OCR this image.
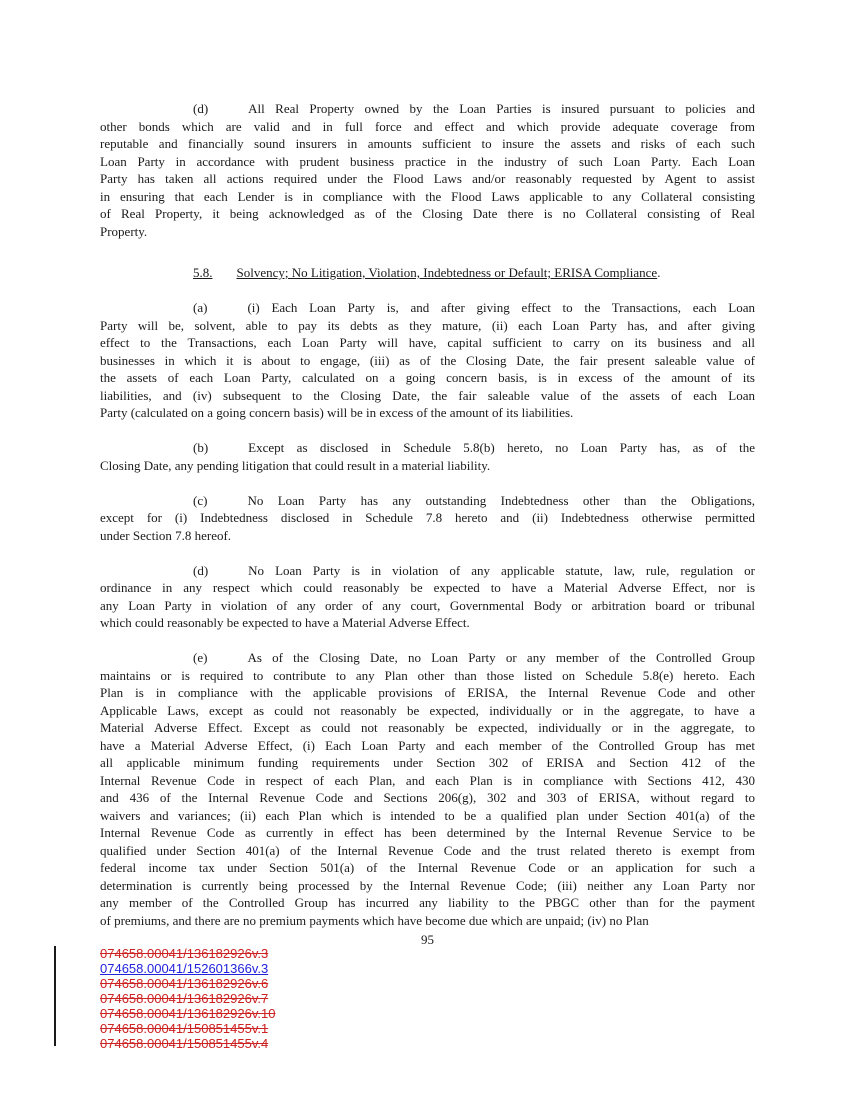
(d)	All Real Property owned by the Loan Parties is insured pursuant to policies and
other bonds which are valid and in full force and effect and which provide adequate coverage from
reputable and financially sound insurers in amounts sufficient to insure the assets and risks of each such
Loan Party in accordance with prudent business practice in the industry of such Loan Party. Each Loan
Party has taken all actions required under the Flood Laws and/or reasonably requested by Agent to assist
in ensuring that each Lender is in compliance with the Flood Laws applicable to any Collateral consisting
of Real Property, it being acknowledged as of the Closing Date there is no Collateral consisting of Real
Property.
5.8. Solvency; No Litigation, Violation, Indebtedness or Default; ERISA Compliance.
(a)	(i) Each Loan Party is, and after giving effect to the Transactions, each Loan
Party will be, solvent, able to pay its debts as they mature, (ii) each Loan Party has, and after giving
effect to the Transactions, each Loan Party will have, capital sufficient to carry on its business and all
businesses in which it is about to engage, (iii) as of the Closing Date, the fair present saleable value of
the assets of each Loan Party, calculated on a going concern basis, is in excess of the amount of its
liabilities, and (iv) subsequent to the Closing Date, the fair saleable value of the assets of each Loan
Party (calculated on a going concern basis) will be in excess of the amount of its liabilities.
(b)	Except as disclosed in Schedule 5.8(b) hereto, no Loan Party has, as of the
Closing Date, any pending litigation that could result in a material liability.
(c)	No Loan Party has any outstanding Indebtedness other than the Obligations,
except for (i) Indebtedness disclosed in Schedule 7.8 hereto and (ii) Indebtedness otherwise permitted
under Section 7.8 hereof.
(d)	No Loan Party is in violation of any applicable statute, law, rule, regulation or
ordinance in any respect which could reasonably be expected to have a Material Adverse Effect, nor is
any Loan Party in violation of any order of any court, Governmental Body or arbitration board or tribunal
which could reasonably be expected to have a Material Adverse Effect.
(e)	As of the Closing Date, no Loan Party or any member of the Controlled Group
maintains or is required to contribute to any Plan other than those listed on Schedule 5.8(e) hereto. Each
Plan is in compliance with the applicable provisions of ERISA, the Internal Revenue Code and other
Applicable Laws, except as could not reasonably be expected, individually or in the aggregate, to have a
Material Adverse Effect. Except as could not reasonably be expected, individually or in the aggregate, to
have a Material Adverse Effect, (i) Each Loan Party and each member of the Controlled Group has met
all applicable minimum funding requirements under Section 302 of ERISA and Section 412 of the
Internal Revenue Code in respect of each Plan, and each Plan is in compliance with Sections 412, 430
and 436 of the Internal Revenue Code and Sections 206(g), 302 and 303 of ERISA, without regard to
waivers and variances; (ii) each Plan which is intended to be a qualified plan under Section 401(a) of the
Internal Revenue Code as currently in effect has been determined by the Internal Revenue Service to be
qualified under Section 401(a) of the Internal Revenue Code and the trust related thereto is exempt from
federal income tax under Section 501(a) of the Internal Revenue Code or an application for such a
determination is currently being processed by the Internal Revenue Code; (iii) neither any Loan Party nor
any member of the Controlled Group has incurred any liability to the PBGC other than for the payment
of premiums, and there are no premium payments which have become due which are unpaid; (iv) no Plan
95
074658.00041/136182926v.3
074658.00041/152601366v.3
074658.00041/136182926v.6
074658.00041/136182926v.7
074658.00041/136182926v.10
074658.00041/150851455v.1
074658.00041/150851455v.4
